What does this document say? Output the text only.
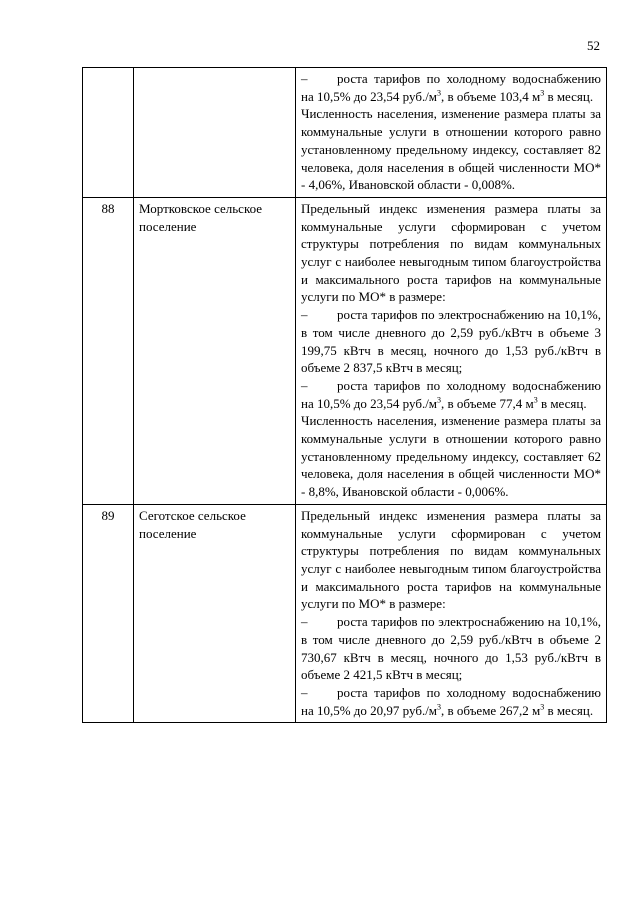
52

		– роста тарифов по холодному водоснабжению на 10,5% до 23,54 $руб./м^3$, в объеме 103,4 $м^3$ в месяц.

Численность населения, изменение размера платы за коммунальные услуги в отношении которого равно установленному предельному индексу, составляет 82 человека, доля населения в общей численности МО* - 4,06%, Ивановской области - 0,008%.

88	Мортковское сельское поселение	Предельный индекс изменения размера платы за коммунальные услуги сформирован с учетом структуры потребления по видам коммунальных услуг с наиболее невыгодным типом благоустройства и максимального роста тарифов на коммунальные услуги по МО* в размере:

– роста тарифов по электроснабжению на 10,1%, в том числе дневного до 2,59 руб./кВтч в объеме 3 199,75 кВтч в месяц, ночного до 1,53 руб./кВтч в объеме 2 837,5 кВтч в месяц;

– роста тарифов по холодному водоснабжению на 10,5% до 23,54 $руб./м^3$, в объеме 77,4 $м^3$ в месяц.

Численность населения, изменение размера платы за коммунальные услуги в отношении которого равно установленному предельному индексу, составляет 62 человека, доля населения в общей численности МО* - 8,8%, Ивановской области - 0,006%.

89	Сеготское сельское поселение	Предельный индекс изменения размера платы за коммунальные услуги сформирован с учетом структуры потребления по видам коммунальных услуг с наиболее невыгодным типом благоустройства и максимального роста тарифов на коммунальные услуги по МО* в размере:

– роста тарифов по электроснабжению на 10,1%, в том числе дневного до 2,59 руб./кВтч в объеме 2 730,67 кВтч в месяц, ночного до 1,53 руб./кВтч в объеме 2 421,5 кВтч в месяц;

– роста тарифов по холодному водоснабжению на 10,5% до 20,97 $руб./м^3$, в объеме 267,2 $м^3$ в месяц.
